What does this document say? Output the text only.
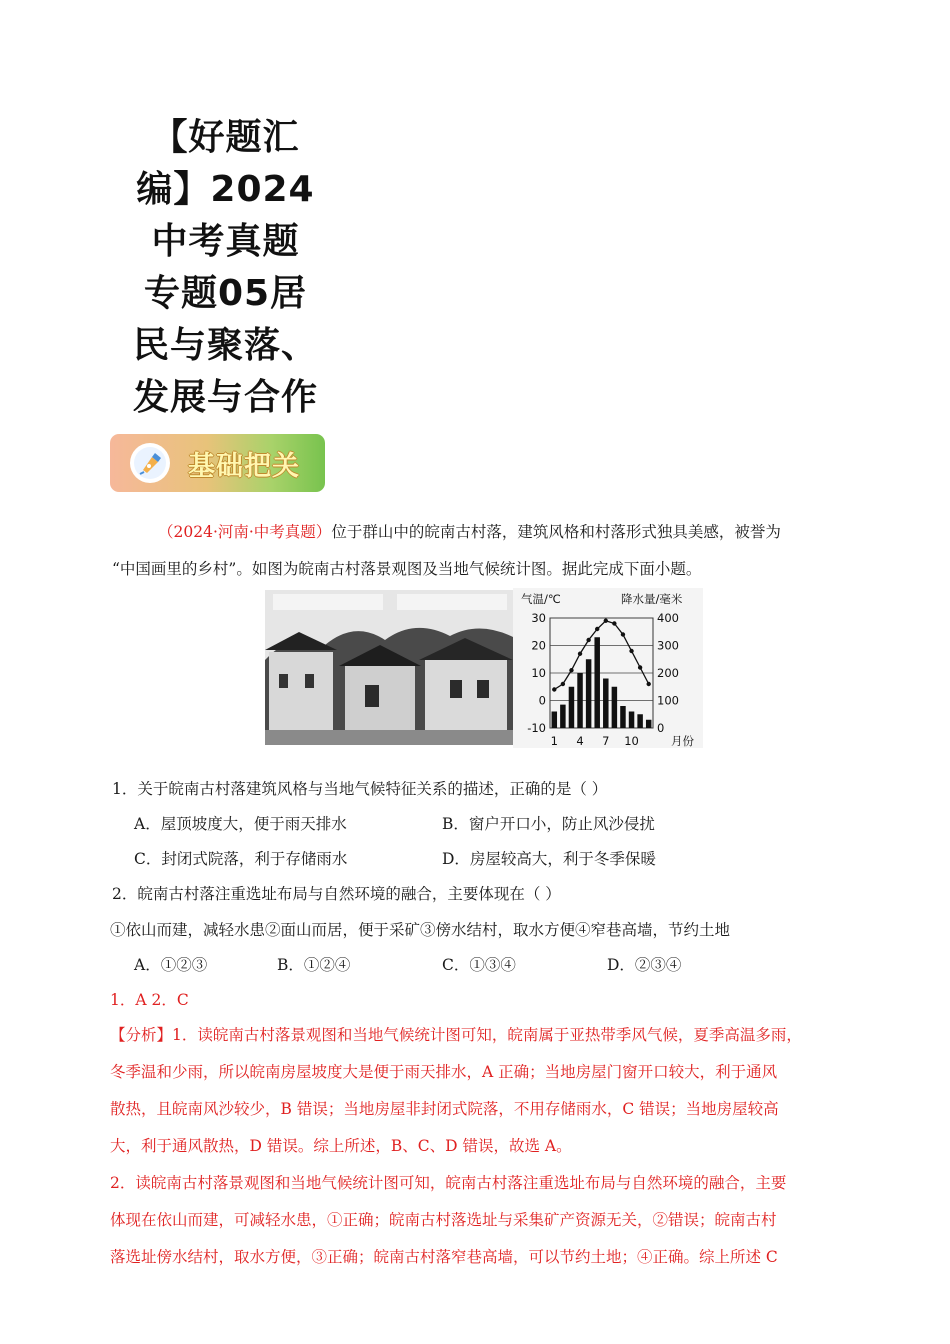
【好题汇
编】2024
中考真题
专题05居
民与聚落、
发展与合作
基础把关
（2024·河南·中考真题）位于群山中的皖南古村落，建筑风格和村落形式独具美感，被誉为
“中国画里的乡村”。如图为皖南古村落景观图及当地气候统计图。据此完成下面小题。
气温/℃	降水量/毫米
月份
30
20
10
0
-10
400
300
200
100
0
1 4 7 10
1．关于皖南古村落建筑风格与当地气候特征关系的描述，正确的是（ ）
A．屋顶坡度大，便于雨天排水	B．窗户开口小，防止风沙侵扰
C．封闭式院落，利于存储雨水	D．房屋较高大，利于冬季保暖
2．皖南古村落注重选址布局与自然环境的融合，主要体现在（ ）
①依山而建，减轻水患②面山而居，便于采矿③傍水结村，取水方便④窄巷高墙，节约土地
A．①②③	B．①②④	C．①③④	D．②③④
1．A 2．C
【分析】1．读皖南古村落景观图和当地气候统计图可知，皖南属于亚热带季风气候，夏季高温多雨，
冬季温和少雨，所以皖南房屋坡度大是便于雨天排水，A 正确；当地房屋门窗开口较大，利于通风
散热，且皖南风沙较少，B 错误；当地房屋非封闭式院落，不用存储雨水，C 错误；当地房屋较高
大，利于通风散热，D 错误。综上所述，B、C、D 错误，故选 A。
2．读皖南古村落景观图和当地气候统计图可知，皖南古村落注重选址布局与自然环境的融合，主要
体现在依山而建，可减轻水患，①正确；皖南古村落选址与采集矿产资源无关，②错误；皖南古村
落选址傍水结村，取水方便，③正确；皖南古村落窄巷高墙，可以节约土地；④正确。综上所述 C
